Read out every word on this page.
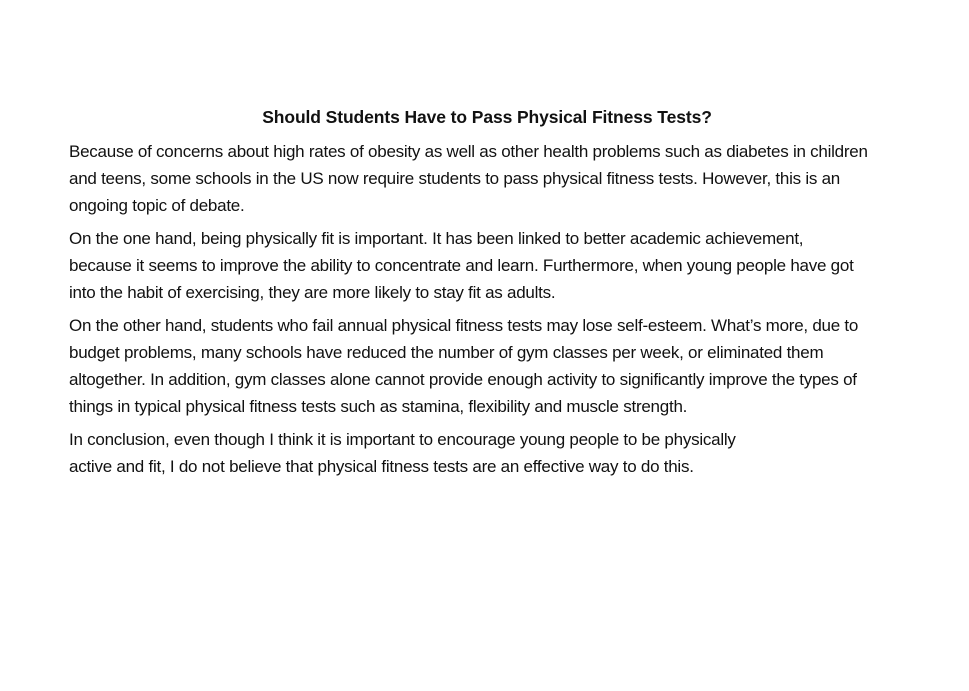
Should Students Have to Pass Physical Fitness Tests?

Because of concerns about high rates of obesity as well as other health problems such as diabetes in children
and teens, some schools in the US now require students to pass physical fitness tests. However, this is an
ongoing topic of debate.

On the one hand, being physically fit is important. It has been linked to better academic achievement,
because it seems to improve the ability to concentrate and learn. Furthermore, when young people have got
into the habit of exercising, they are more likely to stay fit as adults.

On the other hand, students who fail annual physical fitness tests may lose self-esteem. What’s more, due to
budget problems, many schools have reduced the number of gym classes per week, or eliminated them
altogether. In addition, gym classes alone cannot provide enough activity to significantly improve the types of
things in typical physical fitness tests such as stamina, flexibility and muscle strength.

In conclusion, even though I think it is important to encourage young people to be physically
active and fit, I do not believe that physical fitness tests are an effective way to do this.
